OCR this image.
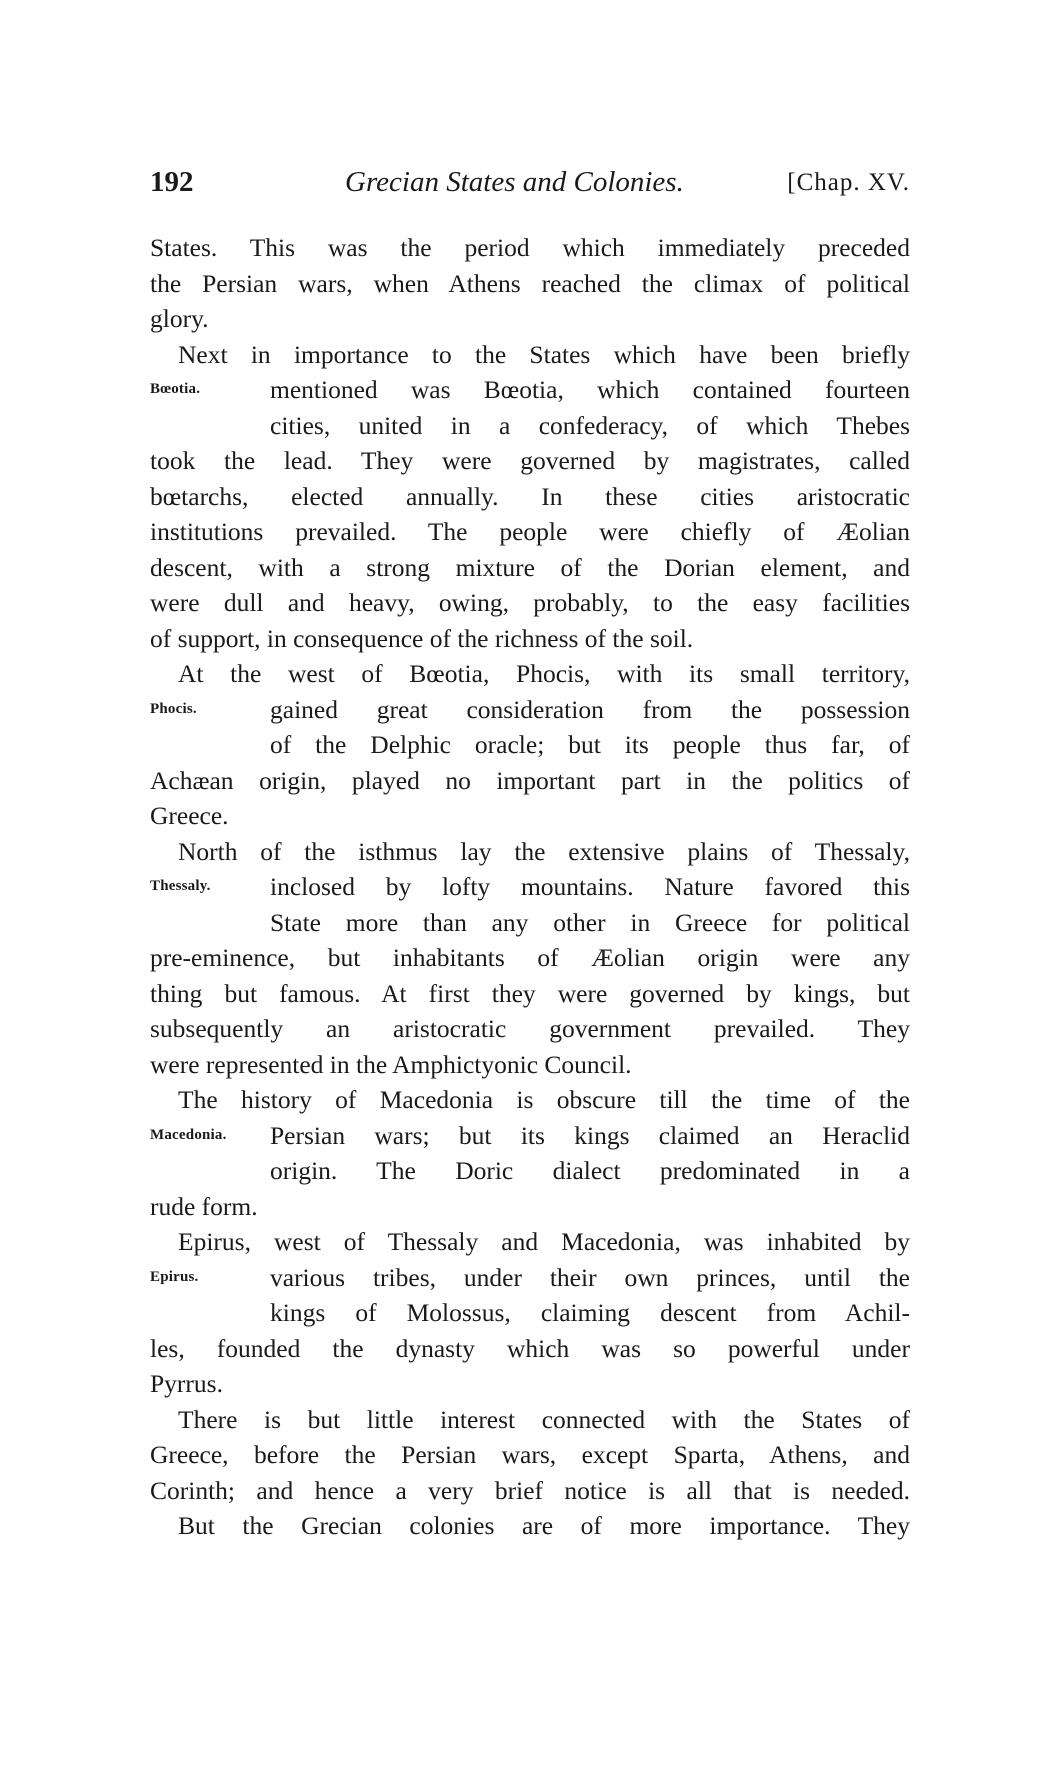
192	Grecian States and Colonies.	[Chap. XV.
States. This was the period which immediately preceded
the Persian wars, when Athens reached the climax of political
glory.
Next in importance to the States which have been briefly
Bœotia.	mentioned was Bœotia, which contained fourteen
cities, united in a confederacy, of which Thebes
took the lead. They were governed by magistrates, called
bœtarchs, elected annually. In these cities aristocratic
institutions prevailed. The people were chiefly of Æolian
descent, with a strong mixture of the Dorian element, and
were dull and heavy, owing, probably, to the easy facilities
of support, in consequence of the richness of the soil.
At the west of Bœotia, Phocis, with its small territory,
Phocis.	gained great consideration from the possession
of the Delphic oracle; but its people thus far, of
Achæan origin, played no important part in the politics of
Greece.
North of the isthmus lay the extensive plains of Thessaly,
Thessaly. inclosed by lofty mountains. Nature favored this
State more than any other in Greece for political
pre-eminence, but inhabitants of Æolian origin were any
thing but famous. At first they were governed by kings, but
subsequently an aristocratic government prevailed. They
were represented in the Amphictyonic Council.
The history of Macedonia is obscure till the time of the
Macedonia. Persian wars; but its kings claimed an Heraclid
origin. The Doric dialect predominated in a
rude form.
Epirus, west of Thessaly and Macedonia, was inhabited by
Epirus.	various tribes, under their own princes, until the
kings of Molossus, claiming descent from Achil-
les, founded the dynasty which was so powerful under
Pyrrus.
There is but little interest connected with the States of
Greece, before the Persian wars, except Sparta, Athens, and
Corinth; and hence a very brief notice is all that is needed.
But the Grecian colonies are of more importance. They
